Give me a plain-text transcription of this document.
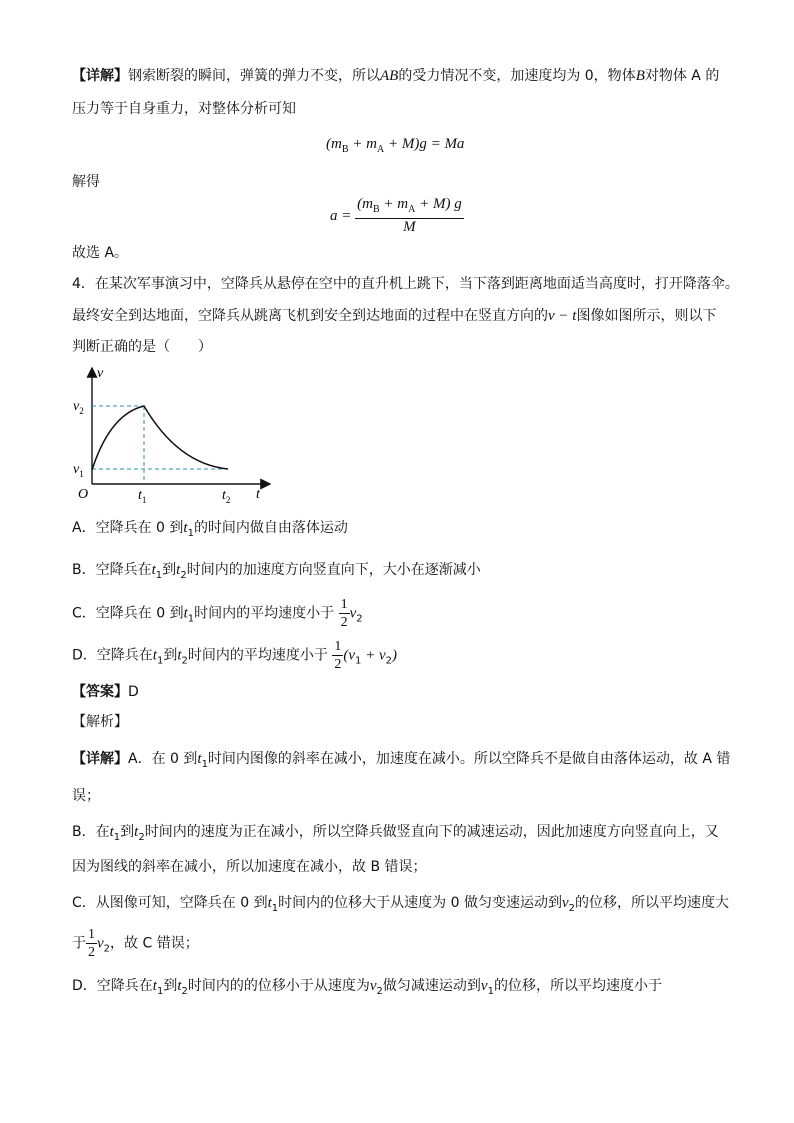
【详解】钢索断裂的瞬间，弹簧的弹力不变，所以AB的受力情况不变，加速度均为 0，物体B对物体 A 的
压力等于自身重力，对整体分析可知
$(m_B + m_A + M)g = Ma$
解得
$a = \frac{(m_B + m_A + M) g}{M}$
故选 A。
4．在某次军事演习中，空降兵从悬停在空中的直升机上跳下，当下落到距离地面适当高度时，打开降落伞。
最终安全到达地面，空降兵从跳离飞机到安全到达地面的过程中在竖直方向的v − t图像如图所示，则以下
判断正确的是（　　）
v
t
O
$v_2$
$v_1$
$t_1$	$t_2$
A．空降兵在 0 到$t_1$的时间内做自由落体运动
B．空降兵在$t_1$到$t_2$时间内的加速度方向竖直向下，大小在逐渐减小
C．空降兵在 0 到$t_1$时间内的平均速度小于 $\frac{1}{2} v_2$
D．空降兵在$t_1$到$t_2$时间内的平均速度小于 $\frac{1}{2} (v_1 + v_2)$
【答案】D
【解析】
【详解】A．在 0 到$t_1$时间内图像的斜率在减小，加速度在减小。所以空降兵不是做自由落体运动，故 A 错
误；
B．在$t_1$到$t_2$时间内的速度为正在减小，所以空降兵做竖直向下的减速运动，因此加速度方向竖直向上，又
因为图线的斜率在减小，所以加速度在减小，故 B 错误；
C．从图像可知，空降兵在 0 到$t_1$时间内的位移大于从速度为 0 做匀变速运动到$v_2$的位移，所以平均速度大
于 $\frac{1}{2} v_2$，故 C 错误；
D．空降兵在$t_1$到$t_2$时间内的的位移小于从速度为$v_2$做匀减速运动到$v_1$的位移，所以平均速度小于
